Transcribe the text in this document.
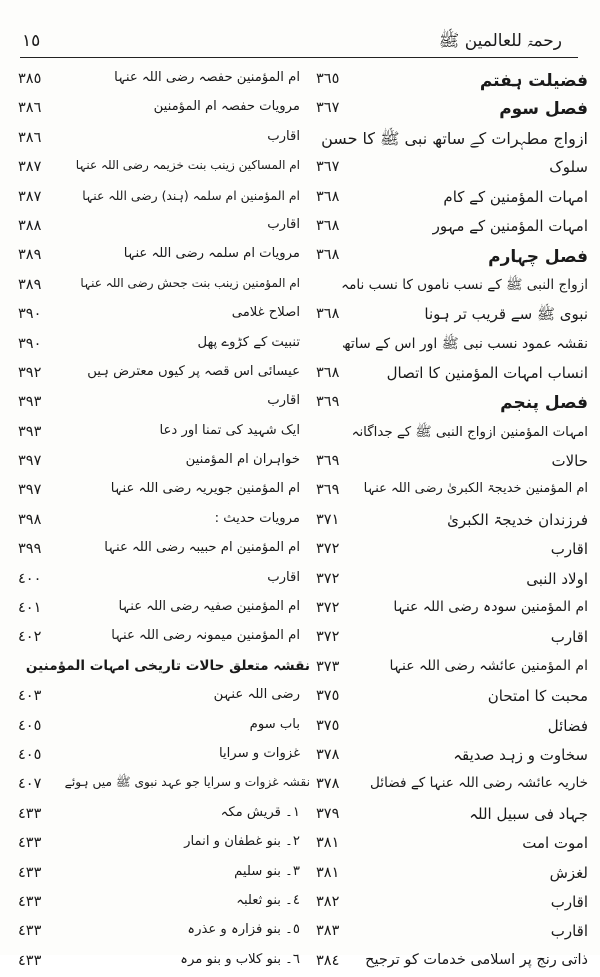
رحمۃ للعالمین ﷺ
١٥
فضیلت ہفتم
٣٦٥
فصل سوم
٣٦٧
ازواج مطہرات کے ساتھ نبی ﷺ کا حسن
سلوک
٣٦٧
امہات المؤمنین کے کام
٣٦٨
امہات المؤمنین کے مہور
٣٦٨
فصل چہارم
٣٦٨
ازواج النبی ﷺ کے نسب ناموں کا نسب نامہ
نبوی ﷺ سے قریب تر ہونا
٣٦٨
نقشہ عمود نسب نبی ﷺ اور اس کے ساتھ
انساب امہات المؤمنین کا اتصال
٣٦٨
فصل پنجم
٣٦٩
امہات المؤمنین ازواج النبی ﷺ کے جداگانہ
حالات
٣٦٩
ام المؤمنین خدیجۃ الکبریٰ رضی اللہ عنہا
٣٦٩
فرزندان خدیجۃ الکبریٰ
٣٧١
اقارب
٣٧٢
اولاد النبی
٣٧٢
ام المؤمنین سودہ رضی اللہ عنہا
٣٧٢
اقارب
٣٧٢
ام المؤمنین عائشہ رضی اللہ عنہا
٣٧٣
محبت کا امتحان
٣٧٥
فضائل
٣٧٥
سخاوت و زہد صدیقہ
٣٧٨
خاریہ عائشہ رضی اللہ عنہا کے فضائل
٣٧٨
جہاد فی سبیل اللہ
٣٧٩
اموت امت
٣٨١
لغزش
٣٨١
اقارب
٣٨٢
اقارب
٣٨٣
ذاتی رنج پر اسلامی خدمات کو ترجیح
٣٨٤
ام المؤمنین حفصہ رضی اللہ عنہا
٣٨٥
مرویات حفصہ ام المؤمنین
٣٨٦
اقارب
٣٨٦
ام المساکین زینب بنت خزیمہ رضی اللہ عنہا
٣٨٧
ام المؤمنین ام سلمہ (ہند) رضی اللہ عنہا
٣٨٧
اقارب
٣٨٨
مرویات ام سلمہ رضی اللہ عنہا
٣٨٩
ام المؤمنین زینب بنت جحش رضی اللہ عنہا
٣٨٩
اصلاح غلامی
٣٩٠
تنبیت کے کڑوے پھل
٣٩٠
عیسائی اس قصہ پر کیوں معترض ہیں
٣٩٢
اقارب
٣٩٣
ایک شہید کی تمنا اور دعا
٣٩٣
خواہران ام المؤمنین
٣٩٧
ام المؤمنین جویریہ رضی اللہ عنہا
٣٩٧
مرویات حدیث :
٣٩٨
ام المؤمنین ام حبیبہ رضی اللہ عنہا
٣٩٩
اقارب
٤٠٠
ام المؤمنین صفیہ رضی اللہ عنہا
٤٠١
ام المؤمنین میمونہ رضی اللہ عنہا
٤٠٢
نقشہ متعلق حالات تاریخی امہات المؤمنین
رضی اللہ عنہن
٤٠٣
باب سوم
٤٠٥
غزوات و سرایا
٤٠٥
نقشہ غزوات و سرایا جو عہد نبوی ﷺ میں ہوئے
٤٠٧
١۔ قریش مکہ
٤٣٣
٢۔ بنو غطفان و انمار
٤٣٣
٣۔ بنو سلیم
٤٣٣
٤۔ بنو ثعلبہ
٤٣٣
٥۔ بنو فزارہ و عذرہ
٤٣٣
٦۔ بنو کلاب و بنو مرہ
٤٣٣
